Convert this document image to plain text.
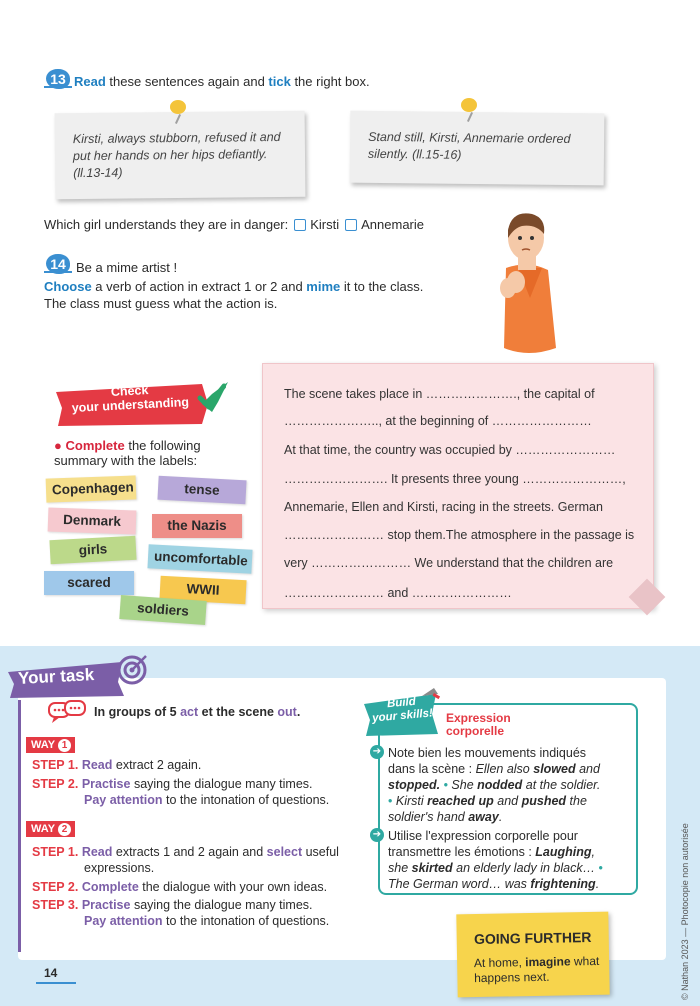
13 Read these sentences again and tick the right box.
Kirsti, always stubborn, refused it and
put her hands on her hips defiantly.
(ll.13-14)
Stand still, Kirsti, Annemarie ordered
silently. (ll.15-16)
Which girl understands they are in danger: Kirsti Annemarie
14 Be a mime artist !
Choose a verb of action in extract 1 or 2 and mime it to the class.
The class must guess what the action is.
Check
your understanding
● Complete the following
summary with the labels:
Copenhagen	tense
Denmark	the Nazis
girls	uncomfortable
scared	WWII
soldiers
The scene takes place in …………………., the capital of
………………….., at the beginning of ……………………
At that time, the country was occupied by ……………………
……………………. It presents three young ……………………,
Annemarie, Ellen and Kirsti, racing in the streets. German
…………………… stop them.The atmosphere in the passage is
very …………………… We understand that the children are
…………………… and ……………………
Your task
In groups of 5 act et the scene out.
WAY 1
STEP 1. Read extract 2 again.
STEP 2. Practise saying the dialogue many times.
Pay attention to the intonation of questions.
WAY 2
STEP 1. Read extracts 1 and 2 again and select useful
expressions.
STEP 2. Complete the dialogue with your own ideas.
STEP 3. Practise saying the dialogue many times.
Pay attention to the intonation of questions.
Build
your skills!	Expression
corporelle
➔ Note bien les mouvements indiqués
dans la scène : Ellen also slowed and
stopped. • She nodded at the soldier.
• Kirsti reached up and pushed the
soldier's hand away.
➔ Utilise l'expression corporelle pour
transmettre les émotions : Laughing,
she skirted an elderly lady in black… •
The German word… was frightening.
GOING FURTHER
At home, imagine what
happens next.
14	© Nathan 2023 — Photocopie non autorisée
